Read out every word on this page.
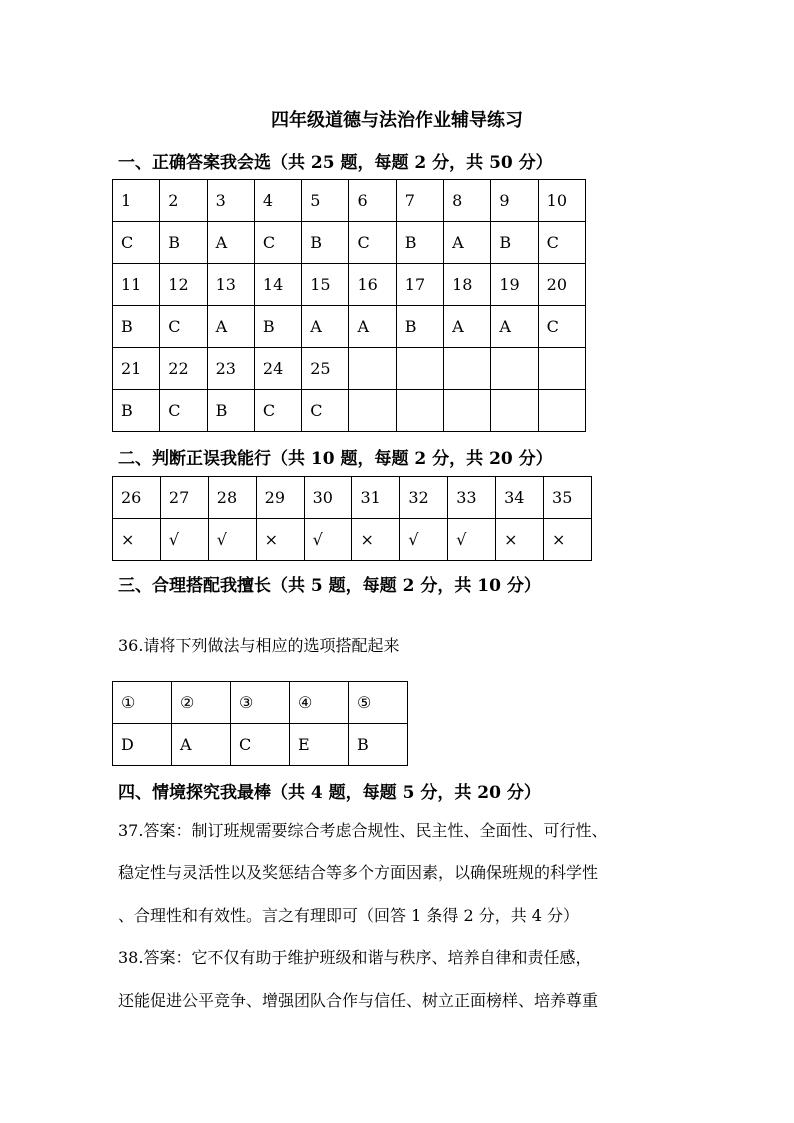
四年级道德与法治作业辅导练习
一、正确答案我会选（共 25 题，每题 2 分，共 50 分）
1	2	3	4	5	6	7	8	9	10
C	B	A	C	B	C	B	A	B	C
11	12	13	14	15	16	17	18	19	20
B	C	A	B	A	A	B	A	A	C
21	22	23	24	25					
B	C	B	C	C					
二、判断正误我能行（共 10 题，每题 2 分，共 20 分）
26	27	28	29	30	31	32	33	34	35
×	√	√	×	√	×	√	√	×	×
三、合理搭配我擅长（共 5 题，每题 2 分，共 10 分）
36.请将下列做法与相应的选项搭配起来
①	②	③	④	⑤
D	A	C	E	B
四、情境探究我最棒（共 4 题，每题 5 分，共 20 分）
37.答案：制订班规需要综合考虑合规性、民主性、全面性、可行性、
稳定性与灵活性以及奖惩结合等多个方面因素，以确保班规的科学性
、合理性和有效性。言之有理即可（回答 1 条得 2 分，共 4 分）
38.答案：它不仅有助于维护班级和谐与秩序、培养自律和责任感，
还能促进公平竞争、增强团队合作与信任、树立正面榜样、培养尊重
